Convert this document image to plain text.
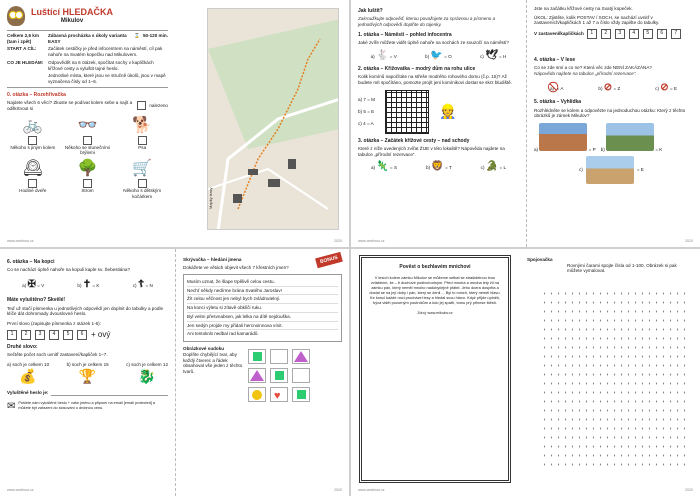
Luštící HLEDAČKA
Mikulov
Celkem 2,6 km (tam i zpět)
Zábavná procházka s úkoly varianta EASY
⌛ 50-120 min.
START A CÍL:	Začátek cestičky je před infocentrem na náměstí, cíl pak nahoře na Svatém kopečku nad Mikulovem.
CO JE HLEDÁM:	Odpovědět na 6 otázek, spočítat sochy v kapličkách křížové cesty a vyluštit tajné heslo.
Jednotlivé místa, které jsou ve stručně úkolů, jsou v mapě vyznačena čísly od 1–6.
0. otázka – Rozehřívačka
Najdete všech 6 věcí? Zkuste se podívat kolem sebe a najít a odškrtnout si
nalezeno
🚲
Někoho s jiným kolem
👓
Někoho se slunečními brýlemi
🐕
Psa
🕰
Hodiné dveře
🌳
Strom
🛒
Někoho s dětským kočárkem	Mapky trasy
www.cestinou.cz	2020
Jak luštit?
Zakroužkujte odpověď, kterou považujete za správnou a písmeno a jednotlivých odpovědí doplňte do tajenky.
1. otázka – Náměstí – pohled infocentra
Jaké zvíře můžete vidět úplně nahoře na sochách ze souzočí na náměstí?
a) 🐇 = V	b) 🐦 = O	c) 🕊 = H
2. otázka – Křižovatka – modrý dům na rohu ulice
Kolik komínů napočítáte na střeše modrého rohového domu (č.p. 15)? Až budete mít spočítáno, pomozte projít jeni komínikovi dostat se skrz bludiště.
a) 7 = M
b) 5 = E
c) 4 = A
👷
3. otázka – Začátek křížové cesty – nad schody
Které z níže uvedených zvířat ŽIJE v této lokalitě? Nápověda najdete na tabulce „přírodní rezervace“.
a) 🦎 = S	b) 🦁 = T	c) 🐊 = L
Jste na začátku křížové cesty na Svatý kopeček.
ÚKOL: Zjistěte, kolik POSTAV / SOCH, se nachází uvnitř v zastaveních/kapličkách 1 až 7 a číslo vždy zapište do tabulky.
V zastavení/kapličkách	1	2	3	4	5	6	7
4. otázka – V lese
Co se zde smí a co ne? Která věc zde NENÍ ZAKÁZÁNA?
Nápověda najdete na tabulce „přírodní rezervace“.
a) = A	b) ⊘ = Z	c) ⊘ = E
5. otázka – Vyhlídka
Rozhlédněte se kolem a odpovězte na jednoduchou otázku: Který z těchto obrázků je zámek Mikulov?
a)	= P b)	= K
c)	= E
www.cestinou.cz	2020
6. otázka – Na kopci
Co se nachází úplně nahoře na kopuli kaple sv. Šebestiána?
a) ✠ = V	b) ✝ = K	c) ☦ = N
Máte vyluštěno? Skvělé!
Teď už stačí písmenka u jednotlivých odpovědí jen doplnit do tabulky a podle klíče dát dohromady dvouslovné heslo.
První slovo (zapisujte písmenka z otázek 1-6):
1	2	3	4	5	6 + ový
Druhé slovo:
Sečtěte počet soch uvnitř zastavení/kapliček 1–7.
a) soch je celkem 10
💰
b) soch je celkem 15
🏆
c) soch je celkem 12
🐉
Vyluštěné heslo je:
✉ Pošlete nám vyluštěné heslo + vaše jméno a připomí na email [email protected] a můžete být zařazeni do slosování o drobnou cenu.
Skrývačka – hledání jmena	BONUS
Dokážete ve větách objevit všech 7 křestních jmen?
Musím uznat, že šlape trpělivě celou cestu.
Nechť někdy nedírme brána Svatého Jaroslav!
Žít celou věčnost jen nebyl bych zvládnutelný.
Na konci výletu si zítavě obklíči ruku.
Byl velmi přesvnabsen, jak lelka na dítě nejdouška.
Jen sedýn projde my přidali hercnoinnova vínit.
Ani tentokrát nedbal rad kamarádů.
Obrázkové sudoku
Doplňte chybějící tvar, aby každý čtverec a řádek obsahoval vše jeden z těchto tvarů.
♥
www.cestinou.cz	2020
Pověst o bezhlavém mnichovi
V lesích kolem zámku Mikulov se můžeme setkat se strašidelnou tvou zvláštním, že – ti duchové podivuhodným. Před mnoha a mnoha lety žil na zámku pán, který neměl mnoho nadobyčejně přátel. Jeho dcera dospěla a dostal se na její doby i pán, který se ženil ... Byl to mnich, který neměl hlavu. Ke konci každé noci procházel lesy a hledal svou hlavu. Když přijde úplněk, bývá vidět pozorným poutníkům a kdo jej spatří, tomu prý přinese štěstí.
Zdroj: www.mikulov.cz
Spojovačka
Rovnými čarami spojte čísla od 1-100. Obrázek si pak můžete vymalovat.
www.cestinou.cz	2020
